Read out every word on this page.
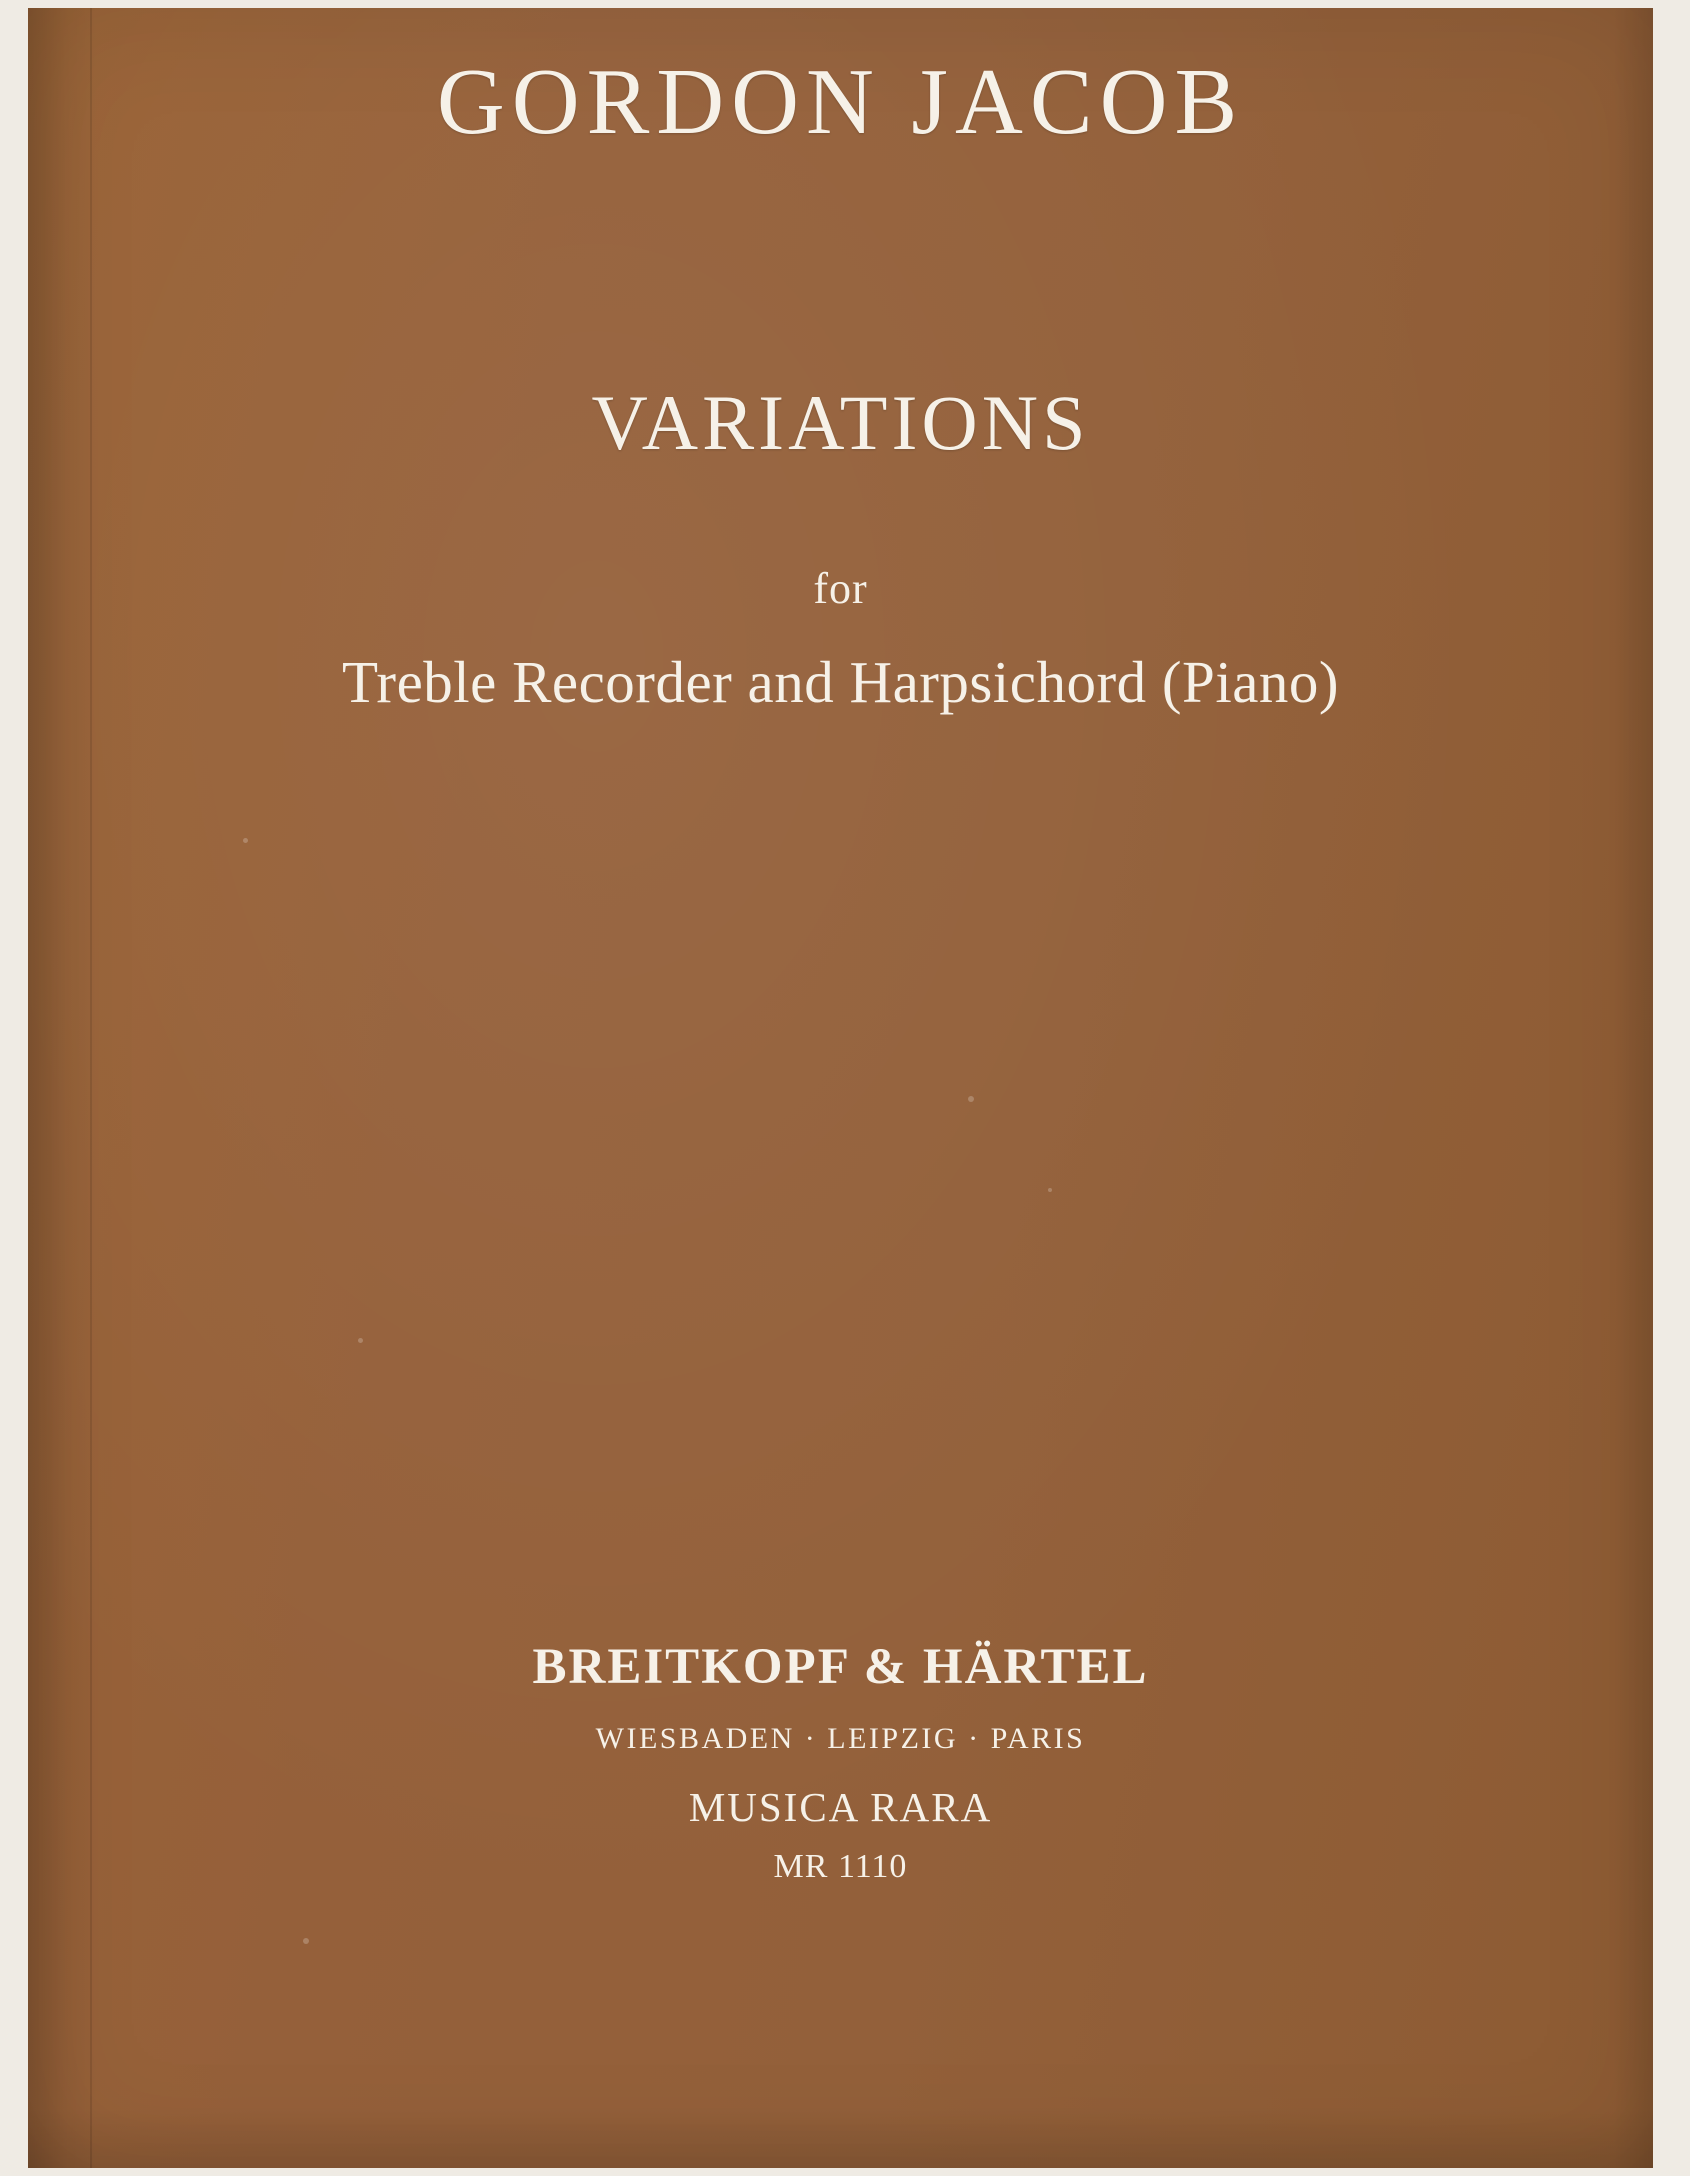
GORDON JACOB
VARIATIONS
for
Treble Recorder and Harpsichord (Piano)
BREITKOPF & HÄRTEL
WIESBADEN · LEIPZIG · PARIS
MUSICA RARA
MR 1110
